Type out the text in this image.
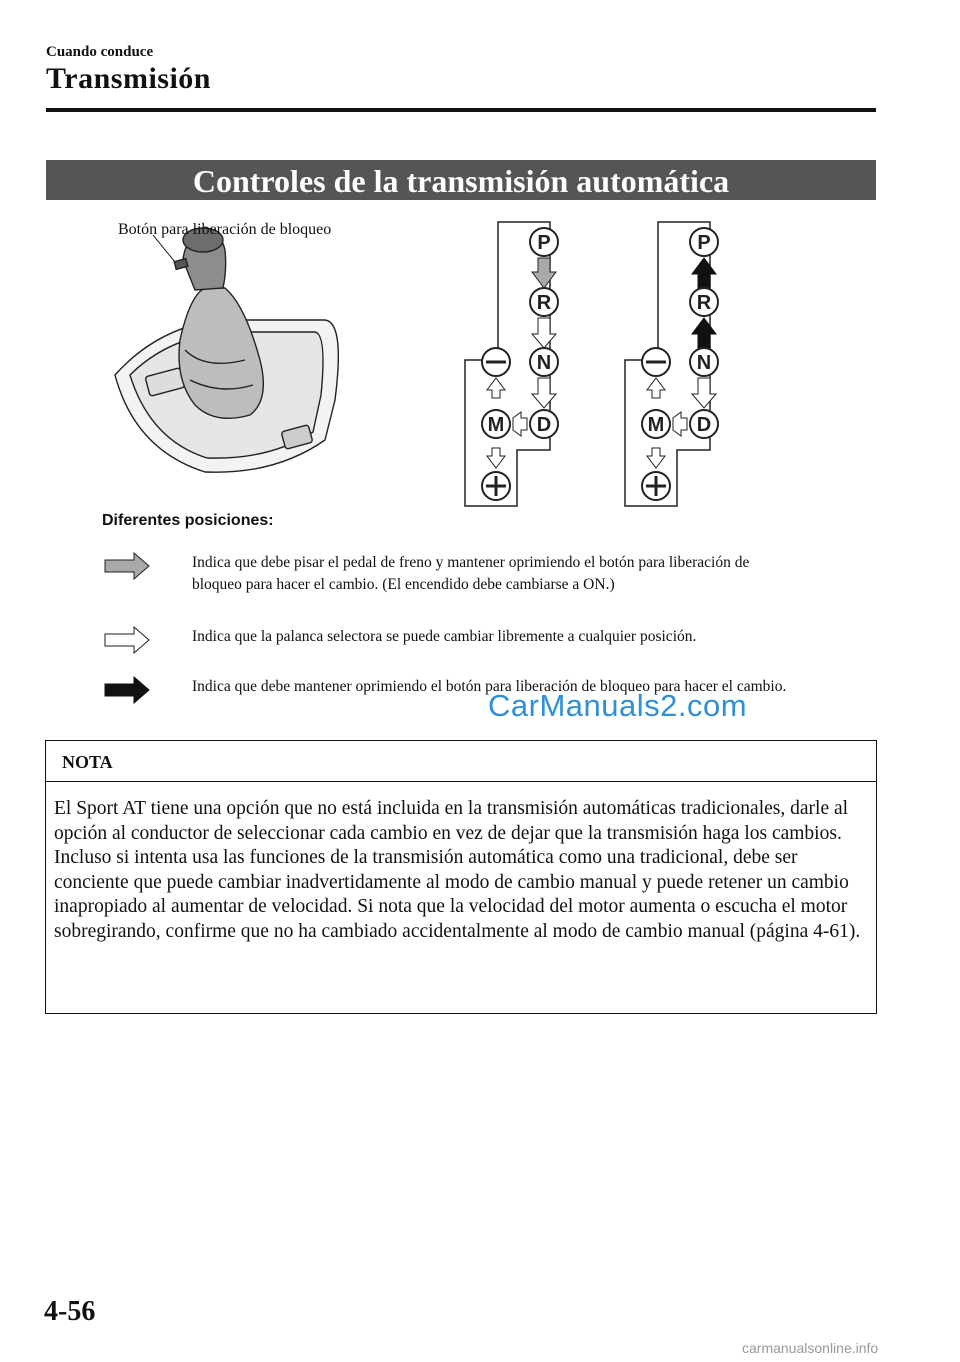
Cuando conduce
Transmisión
Controles de la transmisión automática
P
R
N
D
M
P
R
N
D
M
Botón para liberación de bloqueo
Diferentes posiciones:
Indica que debe pisar el pedal de freno y mantener oprimiendo el botón para liberación de bloqueo para hacer el cambio. (El encendido debe cambiarse a ON.)
Indica que la palanca selectora se puede cambiar libremente a cualquier posición.
Indica que debe mantener oprimiendo el botón para liberación de bloqueo para hacer el cambio.
CarManuals2.com
NOTA
El Sport AT tiene una opción que no está incluida en la transmisión automáticas tradicionales, darle al opción al conductor de seleccionar cada cambio en vez de dejar que la transmisión haga los cambios. Incluso si intenta usa las funciones de la transmisión automática como una tradicional, debe ser conciente que puede cambiar inadvertidamente al modo de cambio manual y puede retener un cambio inapropiado al aumentar de velocidad. Si nota que la velocidad del motor aumenta o escucha el motor sobregirando, confirme que no ha cambiado accidentalmente al modo de cambio manual (página 4-61).
4-56
carmanualsonline.info
